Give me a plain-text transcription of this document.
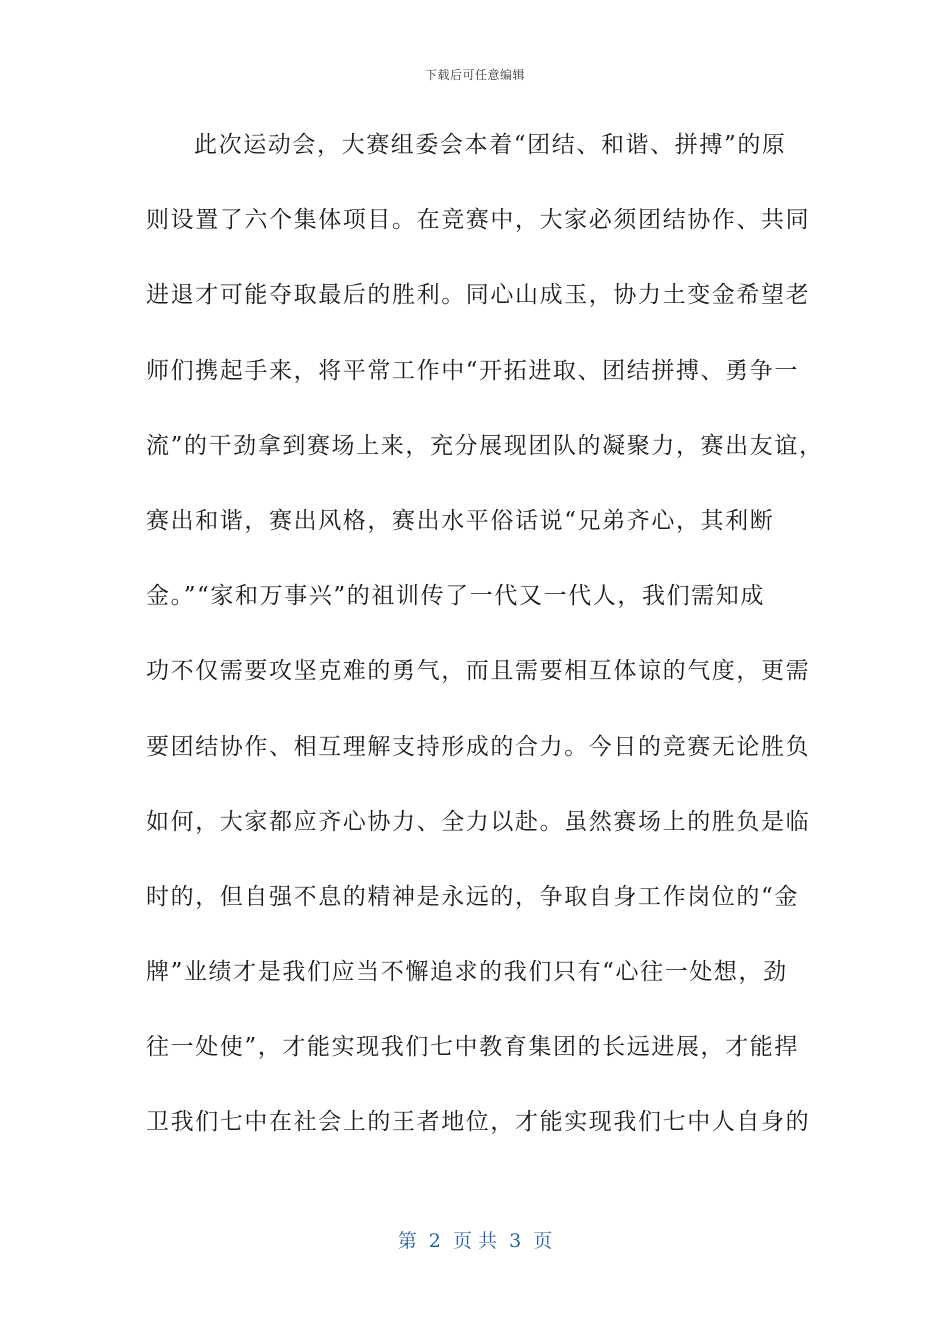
下载后可任意编辑
此次运动会，大赛组委会本着“团结、和谐、拼搏”的原
则设置了六个集体项目。在竞赛中，大家必须团结协作、共同
进退才可能夺取最后的胜利。同心山成玉，协力土变金希望老
师们携起手来，将平常工作中“开拓进取、团结拼搏、勇争一
流”的干劲拿到赛场上来，充分展现团队的凝聚力，赛出友谊，
赛出和谐，赛出风格，赛出水平俗话说“兄弟齐心，其利断
金。”“家和万事兴”的祖训传了一代又一代人，我们需知成
功不仅需要攻坚克难的勇气，而且需要相互体谅的气度，更需
要团结协作、相互理解支持形成的合力。今日的竞赛无论胜负
如何，大家都应齐心协力、全力以赴。虽然赛场上的胜负是临
时的，但自强不息的精神是永远的，争取自身工作岗位的“金
牌”业绩才是我们应当不懈追求的我们只有“心往一处想，劲
往一处使”，才能实现我们七中教育集团的长远进展，才能捍
卫我们七中在社会上的王者地位，才能实现我们七中人自身的
第  2  页 共  3  页
